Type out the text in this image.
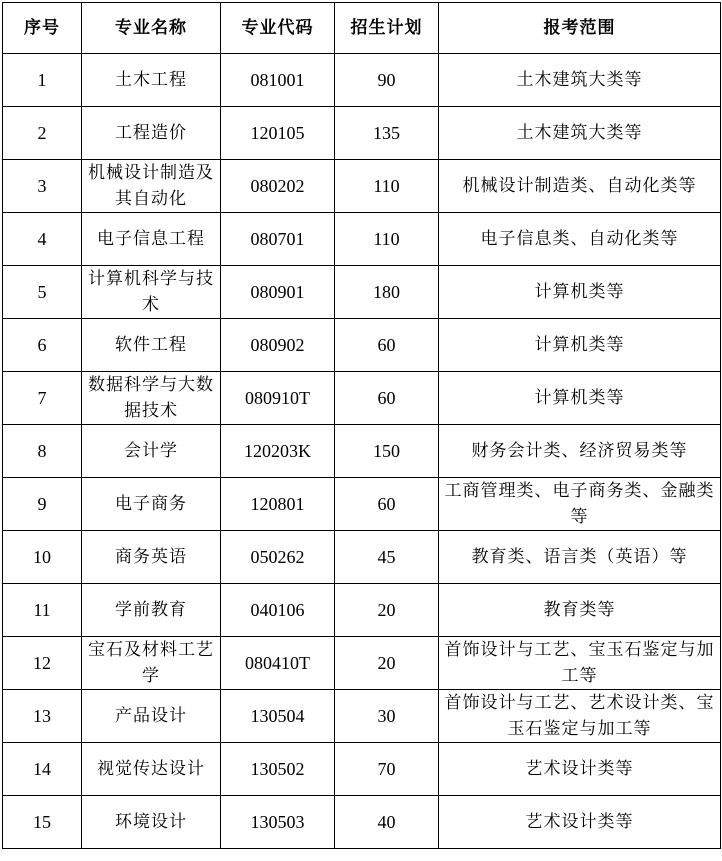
序号	专业名称	专业代码	招生计划	报考范围
1	土木工程	081001	90	土木建筑大类等
2	工程造价	120105	135	土木建筑大类等
3	机械设计制造及其自动化	080202	110	机械设计制造类、自动化类等
4	电子信息工程	080701	110	电子信息类、自动化类等
5	计算机科学与技术	080901	180	计算机类等
6	软件工程	080902	60	计算机类等
7	数据科学与大数据技术	080910T	60	计算机类等
8	会计学	120203K	150	财务会计类、经济贸易类等
9	电子商务	120801	60	工商管理类、电子商务类、金融类等
10	商务英语	050262	45	教育类、语言类（英语）等
11	学前教育	040106	20	教育类等
12	宝石及材料工艺学	080410T	20	首饰设计与工艺、宝玉石鉴定与加工等
13	产品设计	130504	30	首饰设计与工艺、艺术设计类、宝玉石鉴定与加工等
14	视觉传达设计	130502	70	艺术设计类等
15	环境设计	130503	40	艺术设计类等
